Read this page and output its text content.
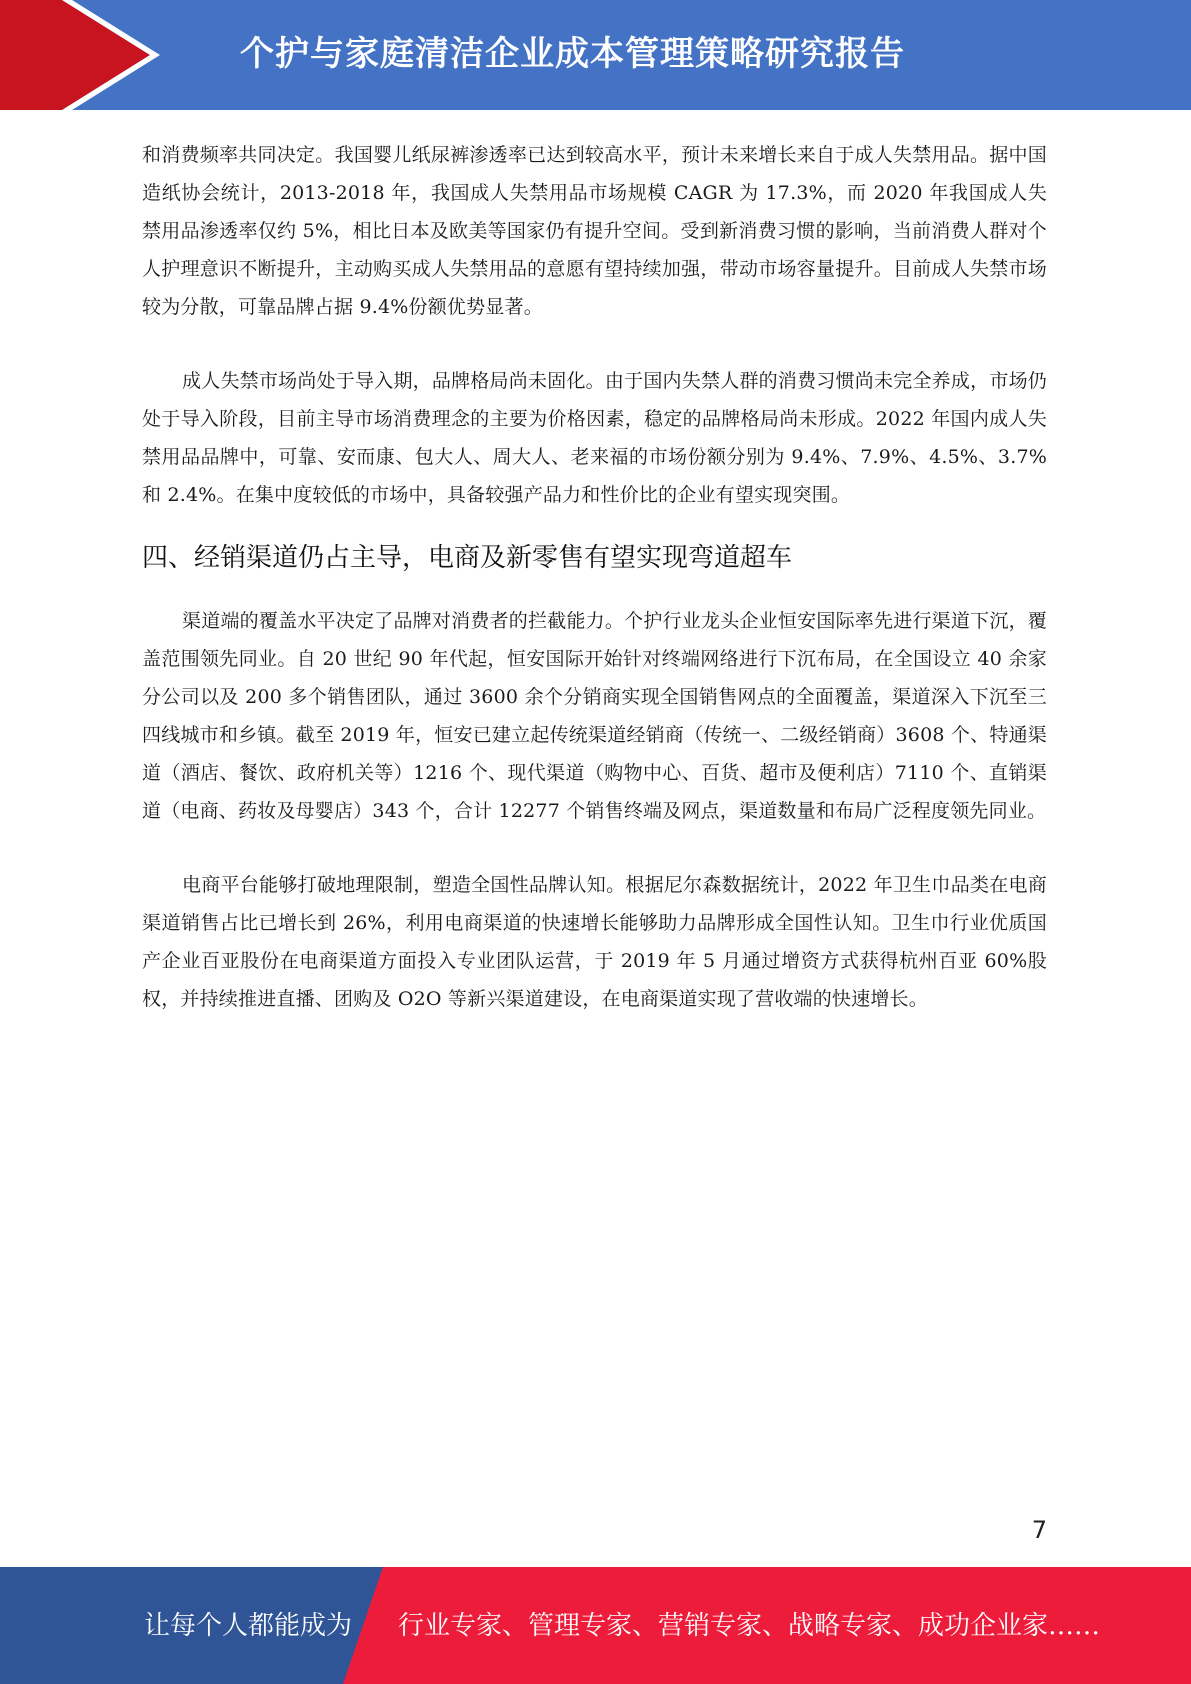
个护与家庭清洁企业成本管理策略研究报告

和消费频率共同决定。我国婴儿纸尿裤渗透率已达到较高水平，预计未来增长来自于成人失禁用品。据中国造纸协会统计，2013-2018 年，我国成人失禁用品市场规模 CAGR 为 17.3%，而 2020 年我国成人失禁用品渗透率仅约 5%，相比日本及欧美等国家仍有提升空间。受到新消费习惯的影响，当前消费人群对个人护理意识不断提升，主动购买成人失禁用品的意愿有望持续加强，带动市场容量提升。目前成人失禁市场较为分散，可靠品牌占据 9.4%份额优势显著。

成人失禁市场尚处于导入期，品牌格局尚未固化。由于国内失禁人群的消费习惯尚未完全养成，市场仍处于导入阶段，目前主导市场消费理念的主要为价格因素，稳定的品牌格局尚未形成。2022 年国内成人失禁用品品牌中，可靠、安而康、包大人、周大人、老来福的市场份额分别为 9.4%、7.9%、4.5%、3.7%和 2.4%。在集中度较低的市场中，具备较强产品力和性价比的企业有望实现突围。

四、经销渠道仍占主导，电商及新零售有望实现弯道超车

渠道端的覆盖水平决定了品牌对消费者的拦截能力。个护行业龙头企业恒安国际率先进行渠道下沉，覆盖范围领先同业。自 20 世纪 90 年代起，恒安国际开始针对终端网络进行下沉布局，在全国设立 40 余家分公司以及 200 多个销售团队，通过 3600 余个分销商实现全国销售网点的全面覆盖，渠道深入下沉至三四线城市和乡镇。截至 2019 年，恒安已建立起传统渠道经销商（传统一、二级经销商）3608 个、特通渠道（酒店、餐饮、政府机关等）1216 个、现代渠道（购物中心、百货、超市及便利店）7110 个、直销渠道（电商、药妆及母婴店）343 个，合计 12277 个销售终端及网点，渠道数量和布局广泛程度领先同业。

电商平台能够打破地理限制，塑造全国性品牌认知。根据尼尔森数据统计，2022 年卫生巾品类在电商渠道销售占比已增长到 26%，利用电商渠道的快速增长能够助力品牌形成全国性认知。卫生巾行业优质国产企业百亚股份在电商渠道方面投入专业团队运营，于 2019 年 5 月通过增资方式获得杭州百亚 60%股权，并持续推进直播、团购及 O2O 等新兴渠道建设，在电商渠道实现了营收端的快速增长。

7
让每个人都能成为 行业专家、管理专家、营销专家、战略专家、成功企业家……
